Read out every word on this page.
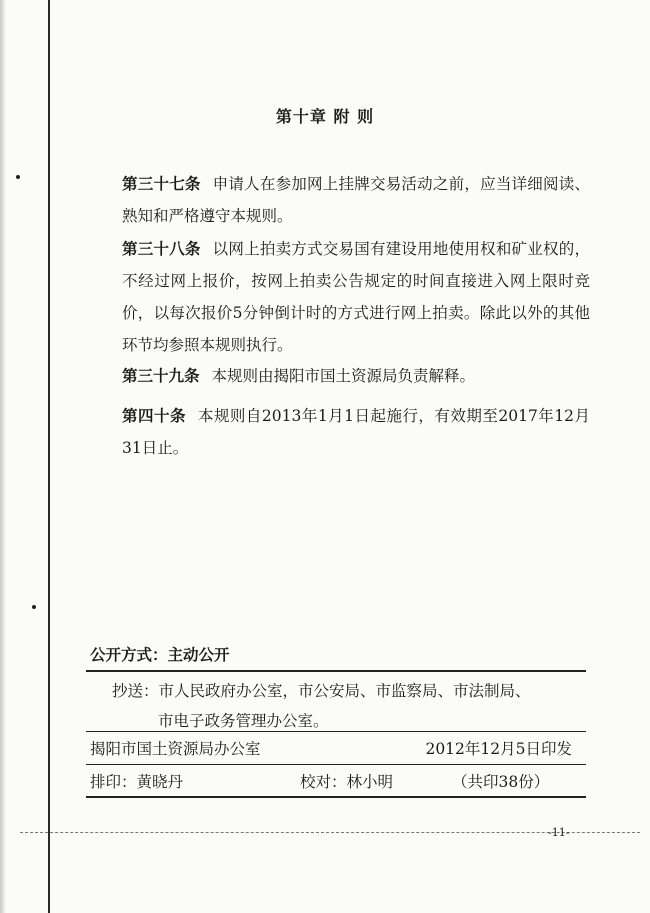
第十章 附 则
第三十七条 申请人在参加网上挂牌交易活动之前，应当详细阅读、熟知和严格遵守本规则。
第三十八条 以网上拍卖方式交易国有建设用地使用权和矿业权的，不经过网上报价，按网上拍卖公告规定的时间直接进入网上限时竞价，以每次报价5分钟倒计时的方式进行网上拍卖。除此以外的其他环节均参照本规则执行。
第三十九条 本规则由揭阳市国土资源局负责解释。
第四十条 本规则自2013年1月1日起施行，有效期至2017年12月31日止。
公开方式：主动公开
抄送：市人民政府办公室，市公安局、市监察局、市法制局、
市电子政务管理办公室。
揭阳市国土资源局办公室	2012年12月5日印发
排印：黄晓丹	校对：林小明	（共印38份）
-11-
